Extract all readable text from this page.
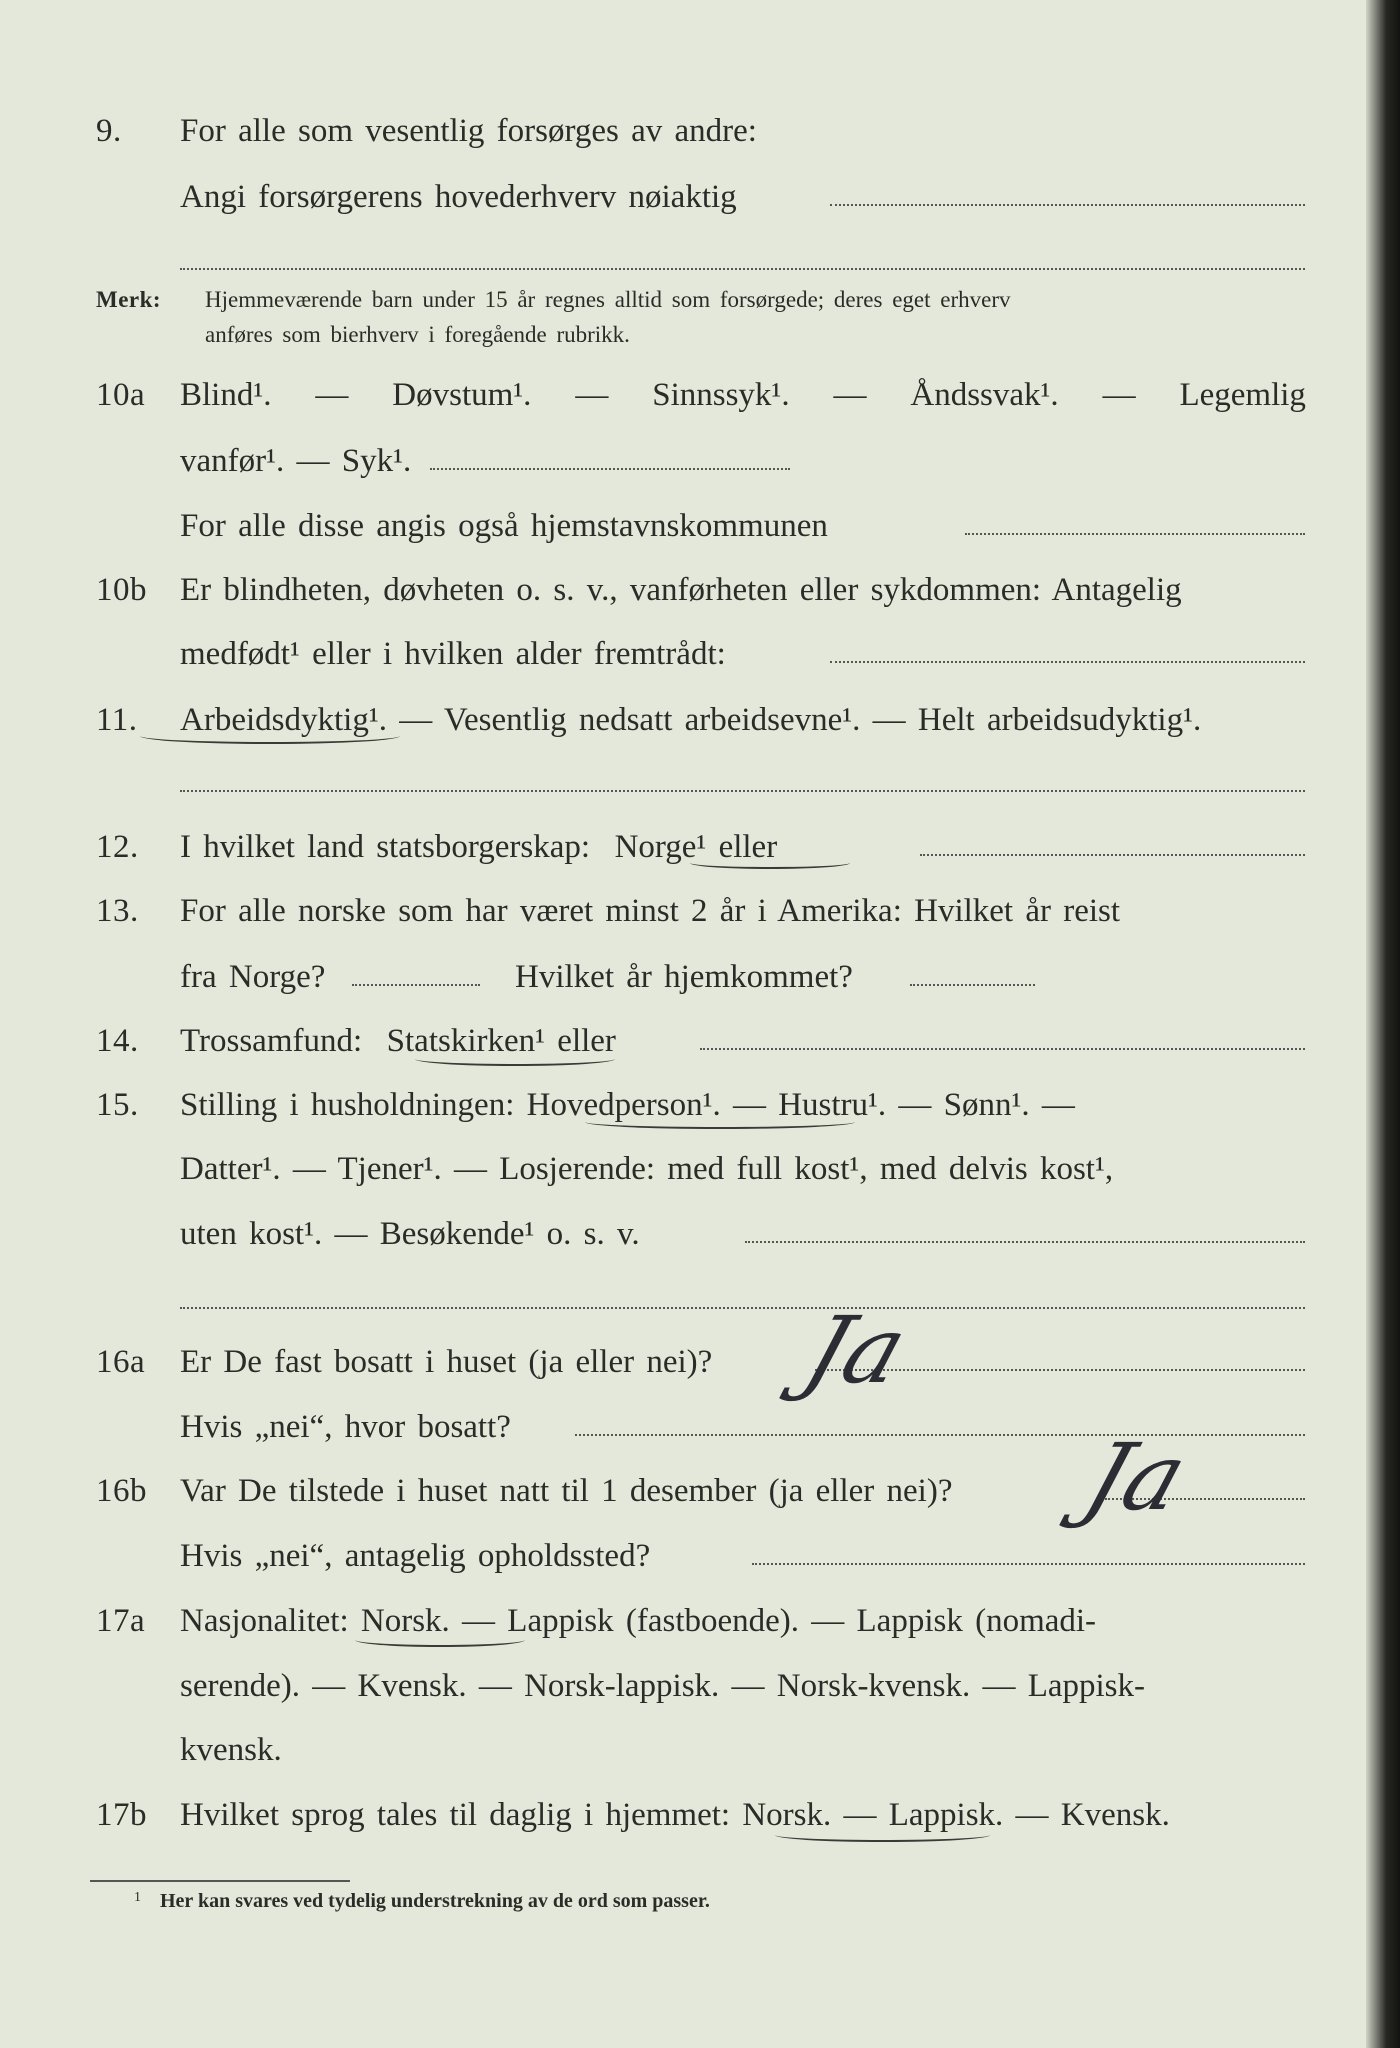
9. For alle som vesentlig forsørges av andre:
Angi forsørgerens hovederhverv nøiaktig
Merk: Hjemmeværende barn under 15 år regnes alltid som forsørgede; deres eget erhverv
anføres som bierhverv i foregående rubrikk.
10a Blind¹. — Døvstum¹. — Sinnssyk¹. — Åndssvak¹. — Legemlig
vanfør¹. — Syk¹.
For alle disse angis også hjemstavnskommunen
10b Er blindheten, døvheten o. s. v., vanførheten eller sykdommen: Antagelig
medfødt¹ eller i hvilken alder fremtrådt:
11. Arbeidsdyktig¹. — Vesentlig nedsatt arbeidsevne¹. — Helt arbeidsudyktig¹.
12. I hvilket land statsborgerskap: Norge¹ eller
13. For alle norske som har været minst 2 år i Amerika: Hvilket år reist
fra Norge?	Hvilket år hjemkommet?
14. Trossamfund: Statskirken¹ eller
15. Stilling i husholdningen: Hovedperson¹. — Hustru¹. — Sønn¹. —
Datter¹. — Tjener¹. — Losjerende: med full kost¹, med delvis kost¹,
uten kost¹. — Besøkende¹ o. s. v.
16a Er De fast bosatt i huset (ja eller nei)? Ja
Hvis „nei“, hvor bosatt?
16b Var De tilstede i huset natt til 1 desember (ja eller nei)? Ja
Hvis „nei“, antagelig opholdssted?
17a Nasjonalitet: Norsk. — Lappisk (fastboende). — Lappisk (nomadi-
serende). — Kvensk. — Norsk-lappisk. — Norsk-kvensk. — Lappisk-
kvensk.
17b Hvilket sprog tales til daglig i hjemmet: Norsk. — Lappisk. — Kvensk.
1 Her kan svares ved tydelig understrekning av de ord som passer.
